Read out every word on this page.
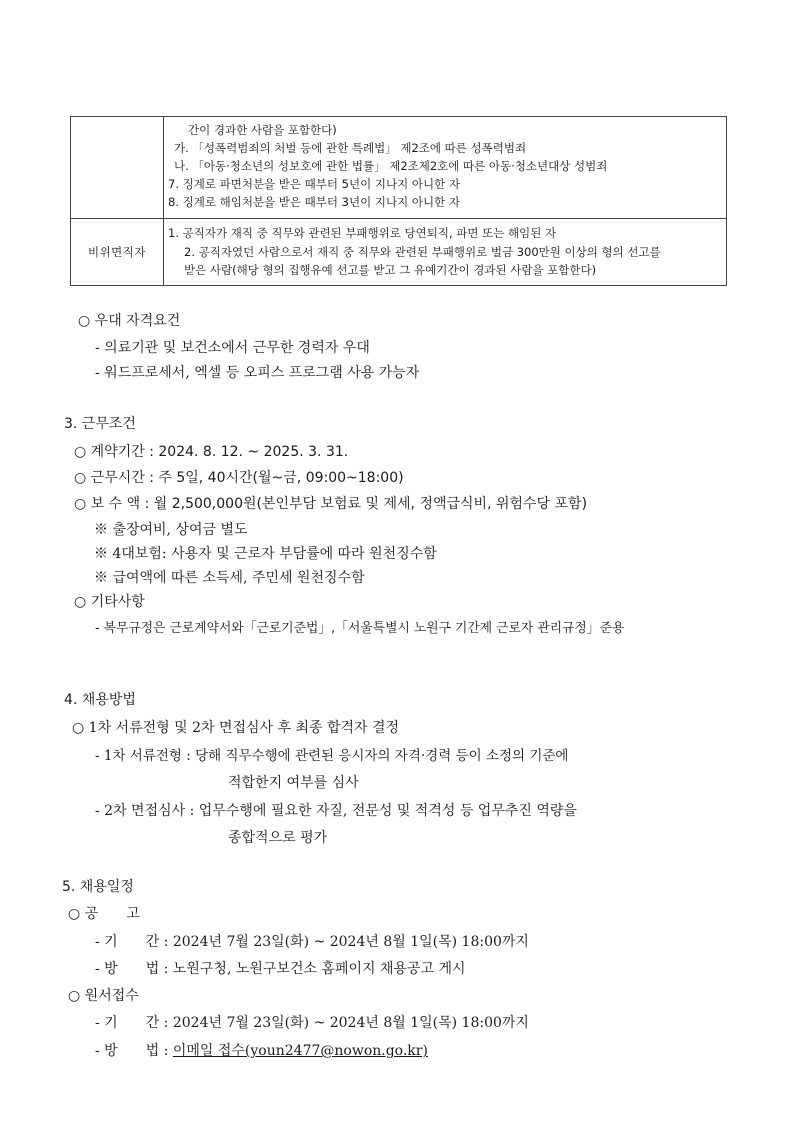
비위면직자
간이 경과한 사람을 포함한다)
가. 「성폭력범죄의 처벌 등에 관한 특례법」 제2조에 따른 성폭력범죄
나. 「아동·청소년의 성보호에 관한 법률」 제2조제2호에 따른 아동·청소년대상 성범죄
7. 징계로 파면처분을 받은 때부터 5년이 지나지 아니한 자
8. 징계로 해임처분을 받은 때부터 3년이 지나지 아니한 자
1. 공직자가 재직 중 직무와 관련된 부패행위로 당연퇴직, 파면 또는 해임된 자
2. 공직자였던 사람으로서 재직 중 직무와 관련된 부패행위로 벌금 300만원 이상의 형의 선고를
받은 사람(해당 형의 집행유예 선고를 받고 그 유예기간이 경과된 사람을 포함한다)
○ 우대 자격요건
- 의료기관 및 보건소에서 근무한 경력자 우대
- 워드프로세서, 엑셀 등 오피스 프로그램 사용 가능자
3. 근무조건
○ 계약기간 : 2024. 8. 12. ~ 2025. 3. 31.
○ 근무시간 : 주 5일, 40시간(월~금, 09:00~18:00)
○ 보 수 액 : 월 2,500,000원(본인부담 보험료 및 제세, 정액급식비, 위험수당 포함)
※ 출장여비, 상여금 별도
※ 4대보험: 사용자 및 근로자 부담률에 따라 원천징수함
※ 급여액에 따른 소득세, 주민세 원천징수함
○ 기타사항
- 복무규정은 근로계약서와「근로기준법」,「서울특별시 노원구 기간제 근로자 관리규정」준용
4. 채용방법
○ 1차 서류전형 및 2차 면접심사 후 최종 합격자 결정
- 1차 서류전형 : 당해 직무수행에 관련된 응시자의 자격·경력 등이 소정의 기준에
적합한지 여부를 심사
- 2차 면접심사 : 업무수행에 필요한 자질, 전문성 및 적격성 등 업무추진 역량을
종합적으로 평가
5. 채용일정
○ 공　　고
- 기　　간 : 2024년 7월 23일(화) ~ 2024년 8월 1일(목) 18:00까지
- 방　　법 : 노원구청, 노원구보건소 홈페이지 채용공고 게시
○ 원서접수
- 기　　간 : 2024년 7월 23일(화) ~ 2024년 8월 1일(목) 18:00까지
- 방　　법 : 이메일 접수(youn2477@nowon.go.kr)
